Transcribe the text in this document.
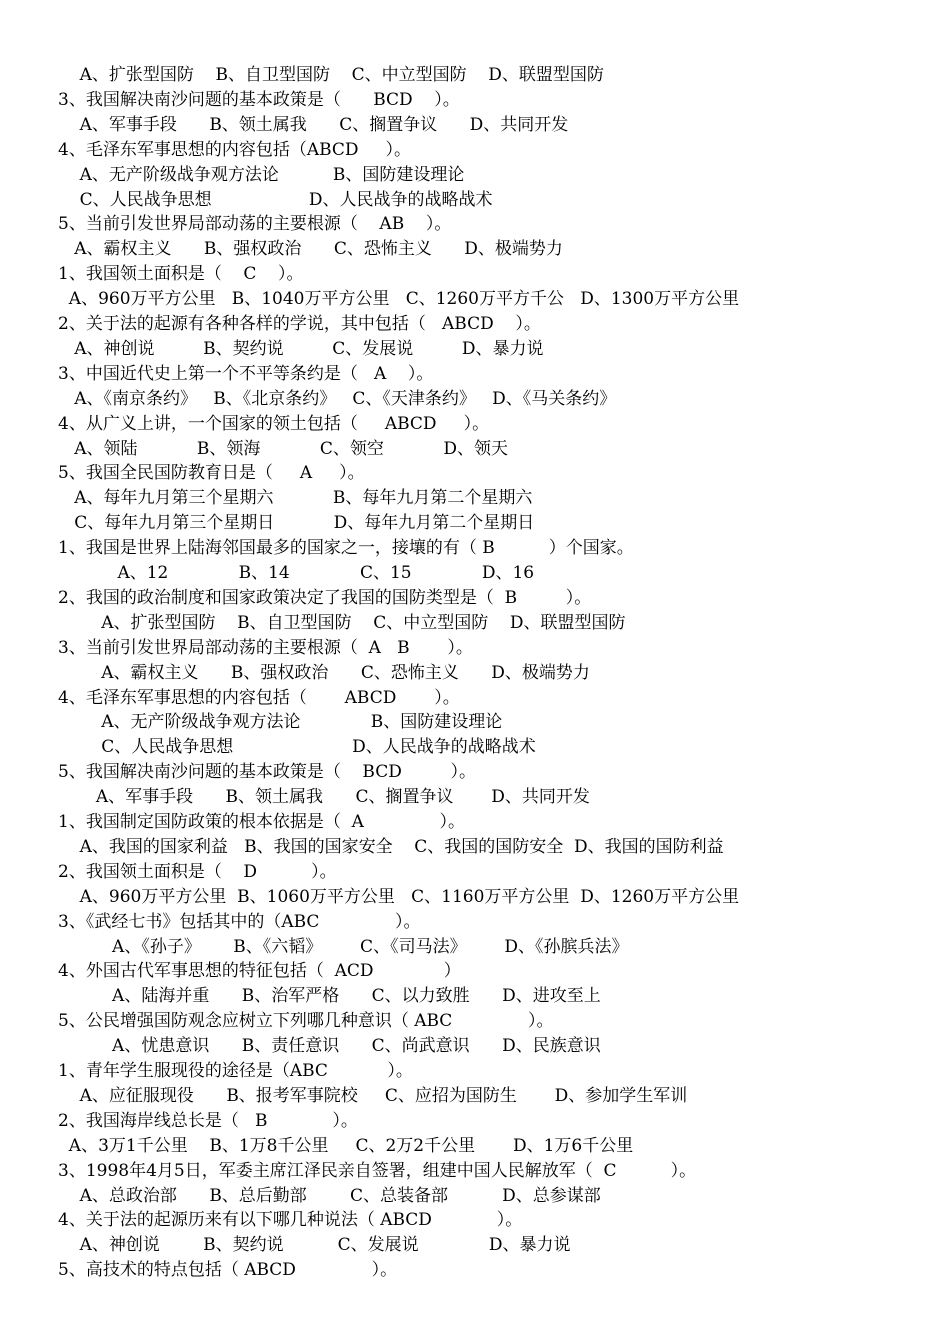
A、扩张型国防    B、自卫型国防    C、中立型国防    D、联盟型国防
3、我国解决南沙问题的基本政策是（      BCD    ）。
A、军事手段      B、领土属我      C、搁置争议      D、共同开发
4、毛泽东军事思想的内容包括（ABCD     ）。
A、无产阶级战争观方法论          B、国防建设理论
C、人民战争思想                  D、人民战争的战略战术
5、当前引发世界局部动荡的主要根源（    AB    ）。
A、霸权主义      B、强权政治      C、恐怖主义      D、极端势力
1、我国领土面积是（    C    ）。
A、960万平方公里   B、1040万平方公里   C、1260万平方千公   D、1300万平方公里
2、关于法的起源有各种各样的学说，其中包括（   ABCD    ）。
A、神创说         B、契约说         C、发展说         D、暴力说
3、中国近代史上第一个不平等条约是（   A    ）。
A、《南京条约》   B、《北京条约》   C、《天津条约》   D、《马关条约》
4、从广义上讲，一个国家的领土包括（     ABCD     ）。
A、领陆           B、领海           C、领空           D、领天
5、我国全民国防教育日是（     A     ）。
A、每年九月第三个星期六           B、每年九月第二个星期六
C、每年九月第三个星期日           D、每年九月第二个星期日
1、我国是世界上陆海邻国最多的国家之一，接壤的有（ B          ）个国家。
A、12             B、14             C、15             D、16
2、我国的政治制度和国家政策决定了我国的国防类型是（  B         ）。
A、扩张型国防    B、自卫型国防    C、中立型国防    D、联盟型国防
3、当前引发世界局部动荡的主要根源（  A   B       ）。
A、霸权主义      B、强权政治      C、恐怖主义      D、极端势力
4、毛泽东军事思想的内容包括（       ABCD       ）。
A、无产阶级战争观方法论             B、国防建设理论
C、人民战争思想                      D、人民战争的战略战术
5、我国解决南沙问题的基本政策是（    BCD         ）。
A、军事手段      B、领土属我      C、搁置争议       D、共同开发
1、我国制定国防政策的根本依据是（  A              ）。
A、我国的国家利益   B、我国的国家安全    C、我国的国防安全  D、我国的国防利益
2、我国领土面积是（    D          ）。
A、960万平方公里  B、1060万平方公里   C、1160万平方公里  D、1260万平方公里
3、《武经七书》包括其中的（ABC              ）。
A、《孙子》      B、《六韬》       C、《司马法》       D、《孙膑兵法》
4、外国古代军事思想的特征包括（  ACD             ）
A、陆海并重      B、治军严格      C、以力致胜      D、进攻至上
5、公民增强国防观念应树立下列哪几种意识（ ABC              ）。
A、忧患意识      B、责任意识      C、尚武意识      D、民族意识
1、青年学生服现役的途径是（ABC           ）。
A、应征服现役      B、报考军事院校     C、应招为国防生       D、参加学生军训
2、我国海岸线总长是（   B            ）。
A、3万1千公里    B、1万8千公里     C、2万2千公里       D、1万6千公里
3、1998年4月5日，军委主席江泽民亲自签署，组建中国人民解放军（  C          ）。
A、总政治部      B、总后勤部        C、总装备部          D、总参谋部
4、关于法的起源历来有以下哪几种说法（ ABCD            ）。
A、神创说        B、契约说          C、发展说             D、暴力说
5、高技术的特点包括（ ABCD              ）。
